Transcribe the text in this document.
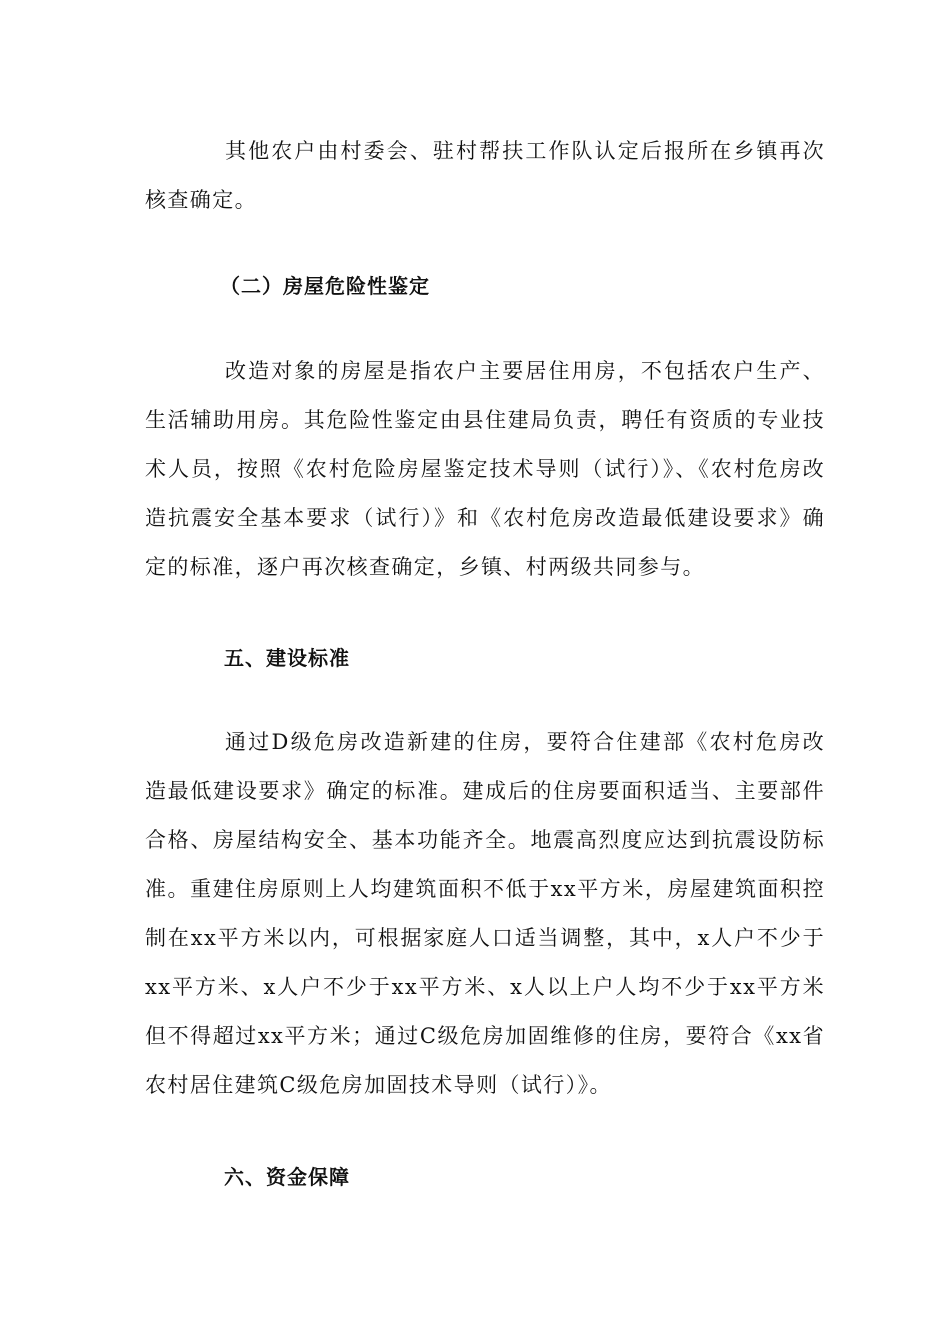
其他农户由村委会、驻村帮扶工作队认定后报所在乡镇再次核查确定。

（二）房屋危险性鉴定

改造对象的房屋是指农户主要居住用房，不包括农户生产、生活辅助用房。其危险性鉴定由县住建局负责，聘任有资质的专业技术人员，按照《农村危险房屋鉴定技术导则（试行）》、《农村危房改造抗震安全基本要求（试行）》和《农村危房改造最低建设要求》确定的标准，逐户再次核查确定，乡镇、村两级共同参与。

五、建设标准

通过D级危房改造新建的住房，要符合住建部《农村危房改造最低建设要求》确定的标准。建成后的住房要面积适当、主要部件合格、房屋结构安全、基本功能齐全。地震高烈度应达到抗震设防标准。重建住房原则上人均建筑面积不低于xx平方米，房屋建筑面积控制在xx平方米以内，可根据家庭人口适当调整，其中，x人户不少于xx平方米、x人户不少于xx平方米、x人以上户人均不少于xx平方米但不得超过xx平方米；通过C级危房加固维修的住房，要符合《xx省农村居住建筑C级危房加固技术导则（试行）》。

六、资金保障
